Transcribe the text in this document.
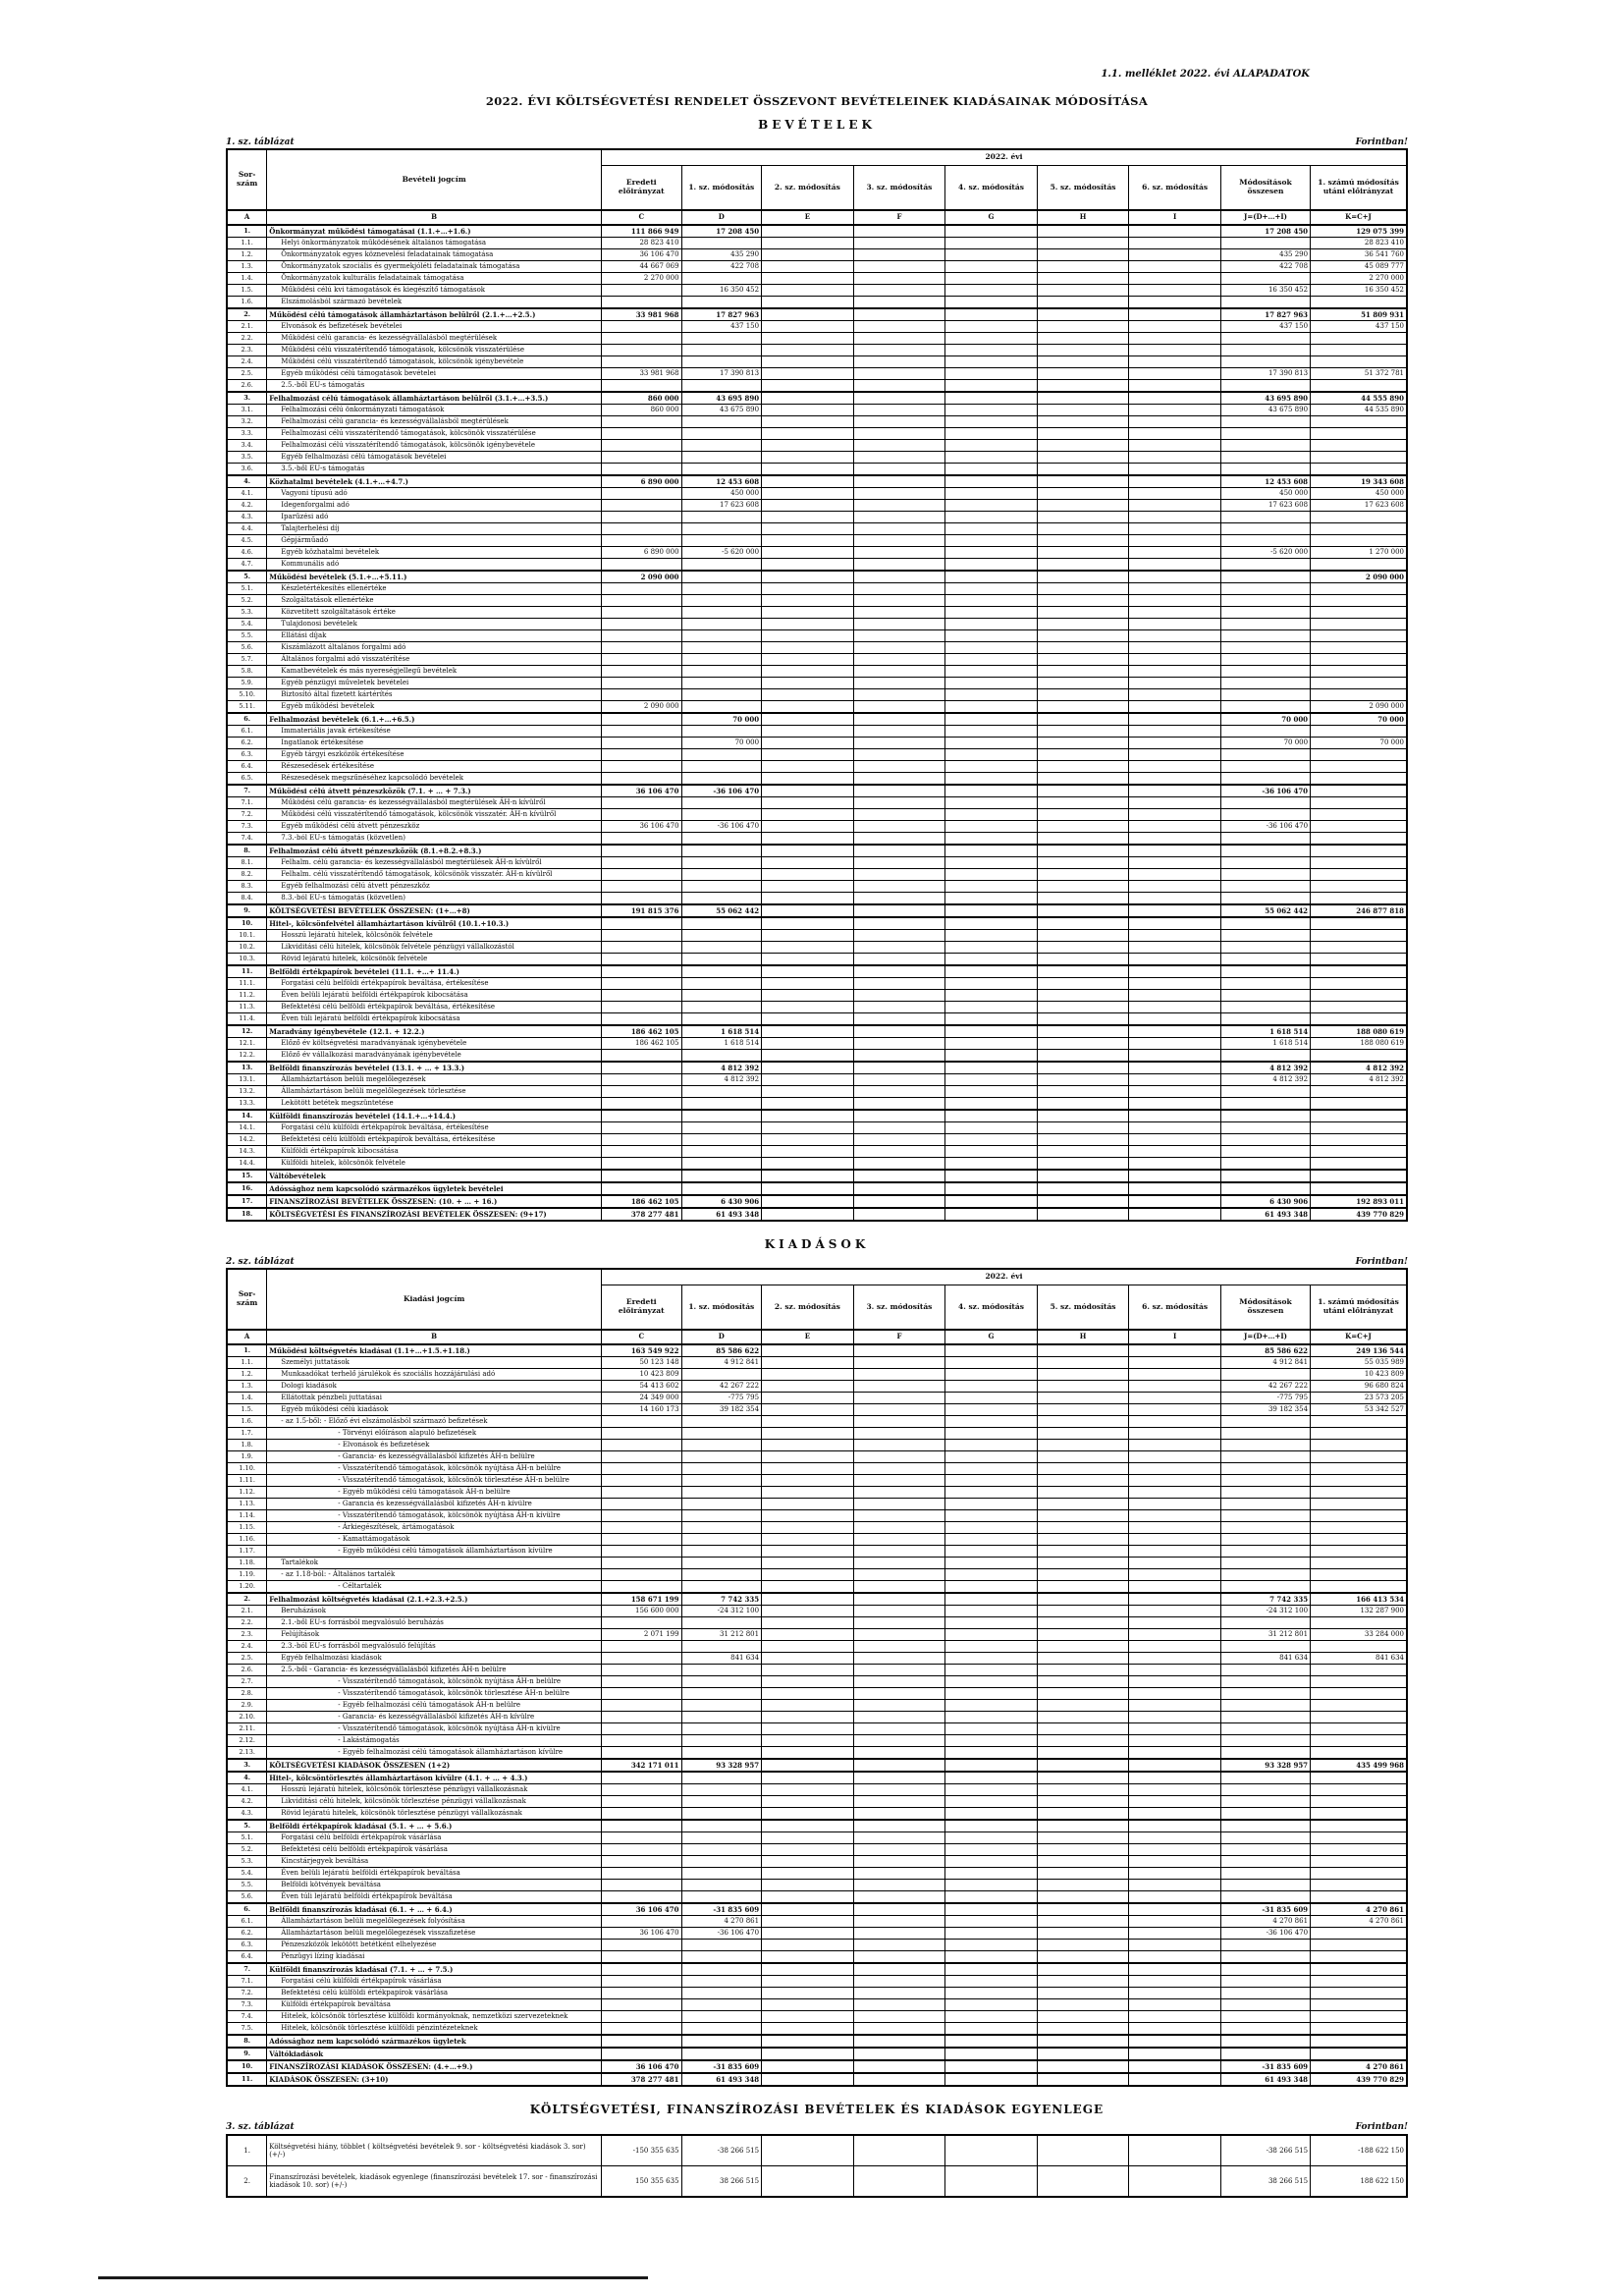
1.1. melléklet 2022. évi ALAPADATOK
2022. ÉVI KÖLTSÉGVETÉSI RENDELET ÖSSZEVONT BEVÉTELEINEK KIADÁSAINAK MÓDOSÍTÁSA
BEVÉTELEK
1. sz. táblázat	Forintban!
Sor-szám	Bevételi jogcím	2022. évi								
		Eredeti előirányzat	1. sz. módosítás	2. sz. módosítás	3. sz. módosítás	4. sz. módosítás	5. sz. módosítás	6. sz. módosítás	Módosítások összesen	1. számú módosítás utáni előirányzat
A	B	C	D	E	F	G	H	I	J=(D+…+I)	K=C+J
1.	Önkormányzat működési támogatásai (1.1.+…+1.6.)	111 866 949	17 208 450						17 208 450	129 075 399
1.1.	Helyi önkormányzatok működésének általános támogatása	28 823 410								28 823 410
1.2.	Önkormányzatok egyes köznevelési feladatainak támogatása	36 106 470	435 290						435 290	36 541 760
1.3.	Önkormányzatok szociális és gyermekjóléti feladatainak támogatása	44 667 069	422 708						422 708	45 089 777
1.4.	Önkormányzatok kulturális feladatainak támogatása	2 270 000								2 270 000
1.5.	Működési célú kvi támogatások és kiegészítő támogatások		16 350 452						16 350 452	16 350 452
1.6.	Elszámolásból származó bevételek									
2.	Működési célú támogatások államháztartáson belülről (2.1.+…+2.5.)	33 981 968	17 827 963						17 827 963	51 809 931
2.1.	Elvonások és befizetések bevételei		437 150						437 150	437 150
2.2.	Működési célú garancia- és kezességvállalásból megtérülések									
2.3.	Működési célú visszatérítendő támogatások, kölcsönök visszatérülése									
2.4.	Működési célú visszatérítendő támogatások, kölcsönök igénybevétele									
2.5.	Egyéb működési célú támogatások bevételei	33 981 968	17 390 813						17 390 813	51 372 781
2.6.	2.5.-ből EU-s támogatás									
3.	Felhalmozási célú támogatások államháztartáson belülről (3.1.+…+3.5.)	860 000	43 695 890						43 695 890	44 555 890
3.1.	Felhalmozási célú önkormányzati támogatások	860 000	43 675 890						43 675 890	44 535 890
3.2.	Felhalmozási célú garancia- és kezességvállalásból megtérülések									
3.3.	Felhalmozási célú visszatérítendő támogatások, kölcsönök visszatérülése									
3.4.	Felhalmozási célú visszatérítendő támogatások, kölcsönök igénybevétele									
3.5.	Egyéb felhalmozási célú támogatások bevételei									
3.6.	3.5.-ből EU-s támogatás									
4.	Közhatalmi bevételek (4.1.+…+4.7.)	6 890 000	12 453 608						12 453 608	19 343 608
4.1.	Vagyoni típusú adó		450 000						450 000	450 000
4.2.	Idegenforgalmi adó		17 623 608						17 623 608	17 623 608
4.3.	Iparűzési adó									
4.4.	Talajterhelési díj									
4.5.	Gépjárműadó									
4.6.	Egyéb közhatalmi bevételek	6 890 000	-5 620 000						-5 620 000	1 270 000
4.7.	Kommunális adó									
5.	Működési bevételek (5.1.+…+5.11.)	2 090 000								2 090 000
5.1.	Készletértékesítés ellenértéke									
5.2.	Szolgáltatások ellenértéke									
5.3.	Közvetített szolgáltatások értéke									
5.4.	Tulajdonosi bevételek									
5.5.	Ellátási díjak									
5.6.	Kiszámlázott általános forgalmi adó									
5.7.	Általános forgalmi adó visszatérítése									
5.8.	Kamatbevételek és más nyereségjellegű bevételek									
5.9.	Egyéb pénzügyi műveletek bevételei									
5.10.	Biztosító által fizetett kártérítés									
5.11.	Egyéb működési bevételek	2 090 000								2 090 000
6.	Felhalmozási bevételek (6.1.+…+6.5.)		70 000						70 000	70 000
6.1.	Immateriális javak értékesítése									
6.2.	Ingatlanok értékesítése		70 000						70 000	70 000
6.3.	Egyéb tárgyi eszközök értékesítése									
6.4.	Részesedések értékesítése									
6.5.	Részesedések megszűnéséhez kapcsolódó bevételek									
7.	Működési célú átvett pénzeszközök (7.1. + … + 7.3.)	36 106 470	-36 106 470						-36 106 470	
7.1.	Működési célú garancia- és kezességvállalásból megtérülések ÁH-n kívülről									
7.2.	Működési célú visszatérítendő támogatások, kölcsönök visszatér. ÁH-n kívülről									
7.3.	Egyéb működési célú átvett pénzeszköz	36 106 470	-36 106 470						-36 106 470	
7.4.	7.3.-ból EU-s támogatás (közvetlen)									
8.	Felhalmozási célú átvett pénzeszközök (8.1.+8.2.+8.3.)									
8.1.	Felhalm. célú garancia- és kezességvállalásból megtérülések ÁH-n kívülről									
8.2.	Felhalm. célú visszatérítendő támogatások, kölcsönök visszatér. ÁH-n kívülről									
8.3.	Egyéb felhalmozási célú átvett pénzeszköz									
8.4.	8.3.-ból EU-s támogatás (közvetlen)									
9.	KÖLTSÉGVETÉSI BEVÉTELEK ÖSSZESEN: (1+…+8)	191 815 376	55 062 442						55 062 442	246 877 818
10.	Hitel-, kölcsönfelvétel államháztartáson kívülről (10.1.+10.3.)									
10.1.	Hosszú lejáratú hitelek, kölcsönök felvétele									
10.2.	Likviditási célú hitelek, kölcsönök felvétele pénzügyi vállalkozástól									
10.3.	Rövid lejáratú hitelek, kölcsönök felvétele									
11.	Belföldi értékpapírok bevételei (11.1. +…+ 11.4.)									
11.1.	Forgatási célú belföldi értékpapírok beváltása, értékesítése									
11.2.	Éven belüli lejáratú belföldi értékpapírok kibocsátása									
11.3.	Befektetési célú belföldi értékpapírok beváltása, értékesítése									
11.4.	Éven túli lejáratú belföldi értékpapírok kibocsátása									
12.	Maradvány igénybevétele (12.1. + 12.2.)	186 462 105	1 618 514						1 618 514	188 080 619
12.1.	Előző év költségvetési maradványának igénybevétele	186 462 105	1 618 514						1 618 514	188 080 619
12.2.	Előző év vállalkozási maradványának igénybevétele									
13.	Belföldi finanszírozás bevételei (13.1. + … + 13.3.)		4 812 392						4 812 392	4 812 392
13.1.	Államháztartáson belüli megelőlegezések		4 812 392						4 812 392	4 812 392
13.2.	Államháztartáson belüli megelőlegezések törlesztése									
13.3.	Lekötött betétek megszüntetése									
14.	Külföldi finanszírozás bevételei (14.1.+…+14.4.)									
14.1.	Forgatási célú külföldi értékpapírok beváltása, értékesítése									
14.2.	Befektetési célú külföldi értékpapírok beváltása, értékesítése									
14.3.	Külföldi értékpapírok kibocsátása									
14.4.	Külföldi hitelek, kölcsönök felvétele									
15.	Váltóbevételek									
16.	Adóssághoz nem kapcsolódó származékos ügyletek bevételei									
17.	FINANSZÍROZÁSI BEVÉTELEK ÖSSZESEN: (10. + … + 16.)	186 462 105	6 430 906						6 430 906	192 893 011
18.	KÖLTSÉGVETÉSI ÉS FINANSZÍROZÁSI BEVÉTELEK ÖSSZESEN: (9+17)	378 277 481	61 493 348						61 493 348	439 770 829
KIADÁSOK
2. sz. táblázat	Forintban!
Sor-szám	Kiadási jogcím	2022. évi								
		Eredeti előirányzat	1. sz. módosítás	2. sz. módosítás	3. sz. módosítás	4. sz. módosítás	5. sz. módosítás	6. sz. módosítás	Módosítások összesen	1. számú módosítás utáni előirányzat
A	B	C	D	E	F	G	H	I	J=(D+…+I)	K=C+J
1.	Működési költségvetés kiadásai (1.1+…+1.5.+1.18.)	163 549 922	85 586 622						85 586 622	249 136 544
1.1.	Személyi juttatások	50 123 148	4 912 841						4 912 841	55 035 989
1.2.	Munkaadókat terhelő járulékok és szociális hozzájárulási adó	10 423 809								10 423 809
1.3.	Dologi kiadások	54 413 602	42 267 222						42 267 222	96 680 824
1.4.	Ellátottak pénzbeli juttatásai	24 349 000	-775 795						-775 795	23 573 205
1.5.	Egyéb működési célú kiadások	14 160 173	39 182 354						39 182 354	53 342 527
1.6.	- az 1.5-ből: - Előző évi elszámolásból származó befizetések									
1.7.	- Törvényi előíráson alapuló befizetések									
1.8.	- Elvonások és befizetések									
1.9.	- Garancia- és kezességvállalásból kifizetés ÁH-n belülre									
1.10.	- Visszatérítendő támogatások, kölcsönök nyújtása ÁH-n belülre									
1.11.	- Visszatérítendő támogatások, kölcsönök törlesztése ÁH-n belülre									
1.12.	- Egyéb működési célú támogatások ÁH-n belülre									
1.13.	- Garancia és kezességvállalásból kifizetés ÁH-n kívülre									
1.14.	- Visszatérítendő támogatások, kölcsönök nyújtása ÁH-n kívülre									
1.15.	- Árkiegészítések, ártámogatások									
1.16.	- Kamattámogatások									
1.17.	- Egyéb működési célú támogatások államháztartáson kívülre									
1.18.	Tartalékok									
1.19.	- az 1.18-ból: - Általános tartalék									
1.20.	- Céltartalék									
2.	Felhalmozási költségvetés kiadásai (2.1.+2.3.+2.5.)	158 671 199	7 742 335						7 742 335	166 413 534
2.1.	Beruházások	156 600 000	-24 312 100						-24 312 100	132 287 900
2.2.	2.1.-ből EU-s forrásból megvalósuló beruházás									
2.3.	Felújítások	2 071 199	31 212 801						31 212 801	33 284 000
2.4.	2.3.-ból EU-s forrásból megvalósuló felújítás									
2.5.	Egyéb felhalmozási kiadások		841 634						841 634	841 634
2.6.	2.5.-ből - Garancia- és kezességvállalásból kifizetés ÁH-n belülre									
2.7.	- Visszatérítendő támogatások, kölcsönök nyújtása ÁH-n belülre									
2.8.	- Visszatérítendő támogatások, kölcsönök törlesztése ÁH-n belülre									
2.9.	- Egyéb felhalmozási célú támogatások ÁH-n belülre									
2.10.	- Garancia- és kezességvállalásból kifizetés ÁH-n kívülre									
2.11.	- Visszatérítendő támogatások, kölcsönök nyújtása ÁH-n kívülre									
2.12.	- Lakástámogatás									
2.13.	- Egyéb felhalmozási célú támogatások államháztartáson kívülre									
3.	KÖLTSÉGVETÉSI KIADÁSOK ÖSSZESEN (1+2)	342 171 011	93 328 957						93 328 957	435 499 968
4.	Hitel-, kölcsöntörlesztés államháztartáson kívülre (4.1. + … + 4.3.)									
4.1.	Hosszú lejáratú hitelek, kölcsönök törlesztése pénzügyi vállalkozásnak									
4.2.	Likviditási célú hitelek, kölcsönök törlesztése pénzügyi vállalkozásnak									
4.3.	Rövid lejáratú hitelek, kölcsönök törlesztése pénzügyi vállalkozásnak									
5.	Belföldi értékpapírok kiadásai (5.1. + … + 5.6.)									
5.1.	Forgatási célú belföldi értékpapírok vásárlása									
5.2.	Befektetési célú belföldi értékpapírok vásárlása									
5.3.	Kincstárjegyek beváltása									
5.4.	Éven belüli lejáratú belföldi értékpapírok beváltása									
5.5.	Belföldi kötvények beváltása									
5.6.	Éven túli lejáratú belföldi értékpapírok beváltása									
6.	Belföldi finanszírozás kiadásai (6.1. + … + 6.4.)	36 106 470	-31 835 609						-31 835 609	4 270 861
6.1.	Államháztartáson belüli megelőlegezések folyósítása		4 270 861						4 270 861	4 270 861
6.2.	Államháztartáson belüli megelőlegezések visszafizetése	36 106 470	-36 106 470						-36 106 470	
6.3.	Pénzeszközök lekötött betétként elhelyezése									
6.4.	Pénzügyi lízing kiadásai									
7.	Külföldi finanszírozás kiadásai (7.1. + … + 7.5.)									
7.1.	Forgatási célú külföldi értékpapírok vásárlása									
7.2.	Befektetési célú külföldi értékpapírok vásárlása									
7.3.	Külföldi értékpapírok beváltása									
7.4.	Hitelek, kölcsönök törlesztése külföldi kormányoknak, nemzetközi szervezeteknek									
7.5.	Hitelek, kölcsönök törlesztése külföldi pénzintézeteknek									
8.	Adóssághoz nem kapcsolódó származékos ügyletek									
9.	Váltókiadások									
10.	FINANSZÍROZÁSI KIADÁSOK ÖSSZESEN: (4.+…+9.)	36 106 470	-31 835 609						-31 835 609	4 270 861
11.	KIADÁSOK ÖSSZESEN: (3+10)	378 277 481	61 493 348						61 493 348	439 770 829
KÖLTSÉGVETÉSI, FINANSZÍROZÁSI BEVÉTELEK ÉS KIADÁSOK EGYENLEGE
3. sz. táblázat	Forintban!
1.	Költségvetési hiány, többlet ( költségvetési bevételek 9. sor - költségvetési kiadások 3. sor) (+/-)	-150 355 635	-38 266 515						-38 266 515	-188 622 150
2.	Finanszírozási bevételek, kiadások egyenlege (finanszírozási bevételek 17. sor - finanszírozási kiadások 10. sor) (+/-)	150 355 635	38 266 515						38 266 515	188 622 150
